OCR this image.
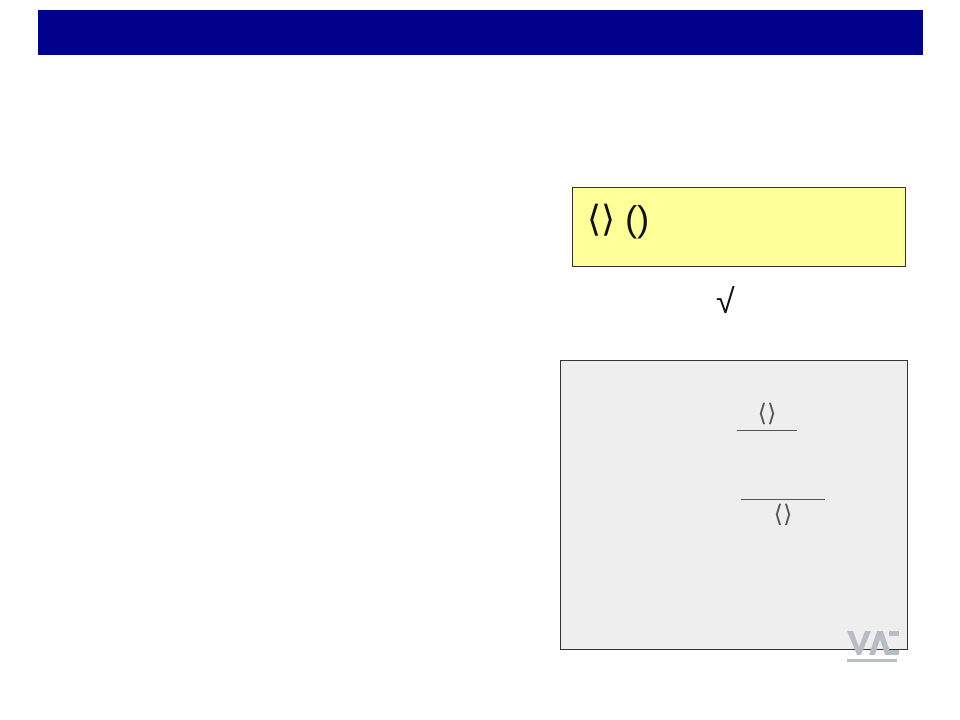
⟨⟩ ()
√
⟨⟩
⟨⟩
